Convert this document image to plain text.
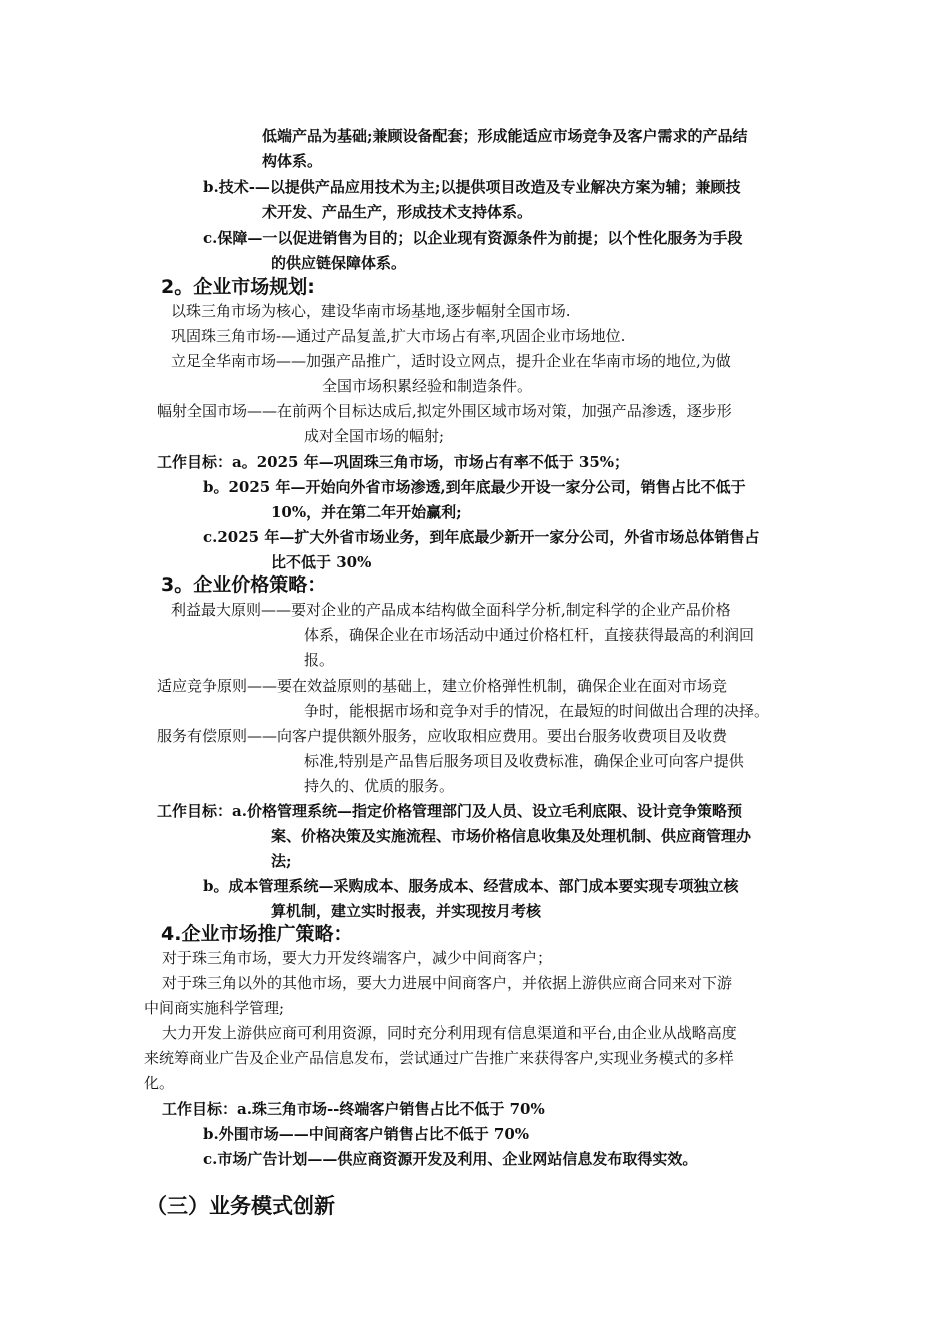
低端产品为基础;兼顾设备配套；形成能适应市场竞争及客户需求的产品结
构体系。
b.技术-—以提供产品应用技术为主;以提供项目改造及专业解决方案为辅；兼顾技
术开发、产品生产，形成技术支持体系。
c.保障—一以促进销售为目的；以企业现有资源条件为前提；以个性化服务为手段
的供应链保障体系。
2。企业市场规划:
以珠三角市场为核心，建设华南市场基地,逐步幅射全国市场.
巩固珠三角市场-—通过产品复盖,扩大市场占有率,巩固企业市场地位.
立足全华南市场——加强产品推广，适时设立网点，提升企业在华南市场的地位,为做
全国市场积累经验和制造条件。
幅射全国市场——在前两个目标达成后,拟定外围区域市场对策，加强产品渗透，逐步形
成对全国市场的幅射;
工作目标：a。2025 年—巩固珠三角市场，市场占有率不低于 35%；
b。2025 年—开始向外省市场渗透,到年底最少开设一家分公司，销售占比不低于
10%，并在第二年开始赢利;
c.2025 年—扩大外省市场业务，到年底最少新开一家分公司，外省市场总体销售占
比不低于 30%
3。企业价格策略：
利益最大原则——要对企业的产品成本结构做全面科学分析,制定科学的企业产品价格
体系，确保企业在市场活动中通过价格杠杆，直接获得最高的利润回
报。
适应竞争原则——要在效益原则的基础上，建立价格弹性机制，确保企业在面对市场竞
争时，能根据市场和竞争对手的情况，在最短的时间做出合理的决择。
服务有偿原则——向客户提供额外服务，应收取相应费用。要出台服务收费项目及收费
标准,特别是产品售后服务项目及收费标准，确保企业可向客户提供
持久的、优质的服务。
工作目标：a.价格管理系统—指定价格管理部门及人员、设立毛利底限、设计竞争策略预
案、价格决策及实施流程、市场价格信息收集及处理机制、供应商管理办
法;
b。成本管理系统—采购成本、服务成本、经营成本、部门成本要实现专项独立核
算机制，建立实时报表，并实现按月考核
4.企业市场推广策略：
对于珠三角市场，要大力开发终端客户，减少中间商客户；
对于珠三角以外的其他市场，要大力进展中间商客户，并依据上游供应商合同来对下游
中间商实施科学管理;
大力开发上游供应商可利用资源，同时充分利用现有信息渠道和平台,由企业从战略高度
来统筹商业广告及企业产品信息发布，尝试通过广告推广来获得客户,实现业务模式的多样
化。
工作目标：a.珠三角市场--终端客户销售占比不低于 70%
b.外围市场——中间商客户销售占比不低于 70%
c.市场广告计划——供应商资源开发及利用、企业网站信息发布取得实效。
（三）业务模式创新
